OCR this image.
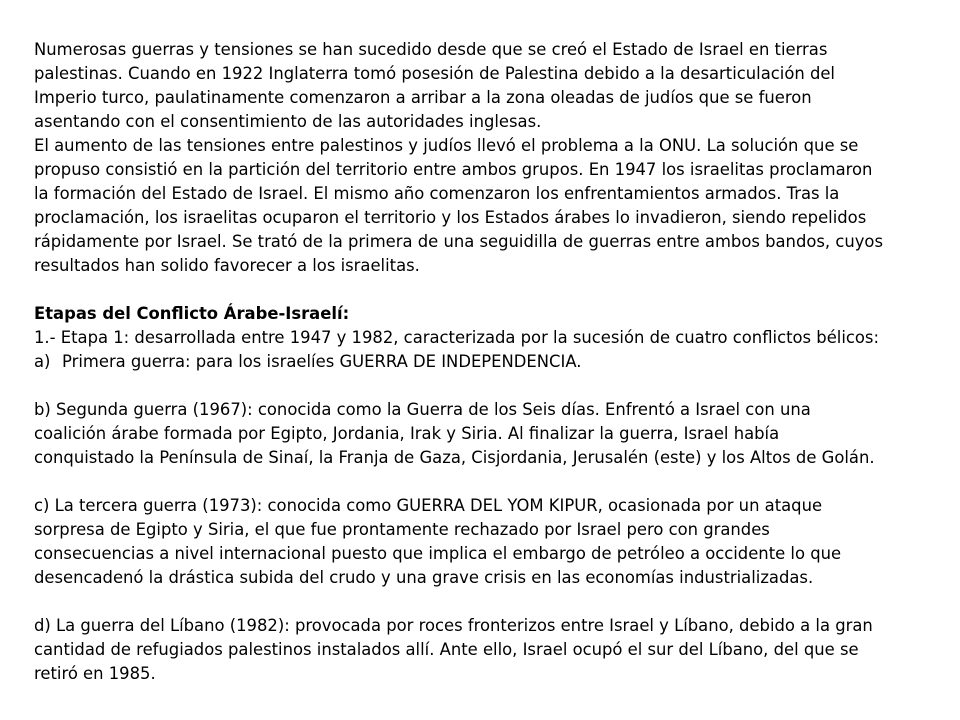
Numerosas guerras y tensiones se han sucedido desde que se creó el Estado de Israel en tierras
palestinas. Cuando en 1922 Inglaterra tomó posesión de Palestina debido a la desarticulación del
Imperio turco, paulatinamente comenzaron a arribar a la zona oleadas de judíos que se fueron
asentando con el consentimiento de las autoridades inglesas.
El aumento de las tensiones entre palestinos y judíos llevó el problema a la ONU. La solución que se
propuso consistió en la partición del territorio entre ambos grupos. En 1947 los israelitas proclamaron
la formación del Estado de Israel. El mismo año comenzaron los enfrentamientos armados. Tras la
proclamación, los israelitas ocuparon el territorio y los Estados árabes lo invadieron, siendo repelidos
rápidamente por Israel. Se trató de la primera de una seguidilla de guerras entre ambos bandos, cuyos
resultados han solido favorecer a los israelitas.
Etapas del Conflicto Árabe-Israelí:
1.- Etapa 1: desarrollada entre 1947 y 1982, caracterizada por la sucesión de cuatro conflictos bélicos:
a) Primera guerra: para los israelíes GUERRA DE INDEPENDENCIA.
b) Segunda guerra (1967): conocida como la Guerra de los Seis días. Enfrentó a Israel con una
coalición árabe formada por Egipto, Jordania, Irak y Siria. Al finalizar la guerra, Israel había
conquistado la Península de Sinaí, la Franja de Gaza, Cisjordania, Jerusalén (este) y los Altos de Golán.
c) La tercera guerra (1973): conocida como GUERRA DEL YOM KIPUR, ocasionada por un ataque
sorpresa de Egipto y Siria, el que fue prontamente rechazado por Israel pero con grandes
consecuencias a nivel internacional puesto que implica el embargo de petróleo a occidente lo que
desencadenó la drástica subida del crudo y una grave crisis en las economías industrializadas.
d) La guerra del Líbano (1982): provocada por roces fronterizos entre Israel y Líbano, debido a la gran
cantidad de refugiados palestinos instalados allí. Ante ello, Israel ocupó el sur del Líbano, del que se
retiró en 1985.
